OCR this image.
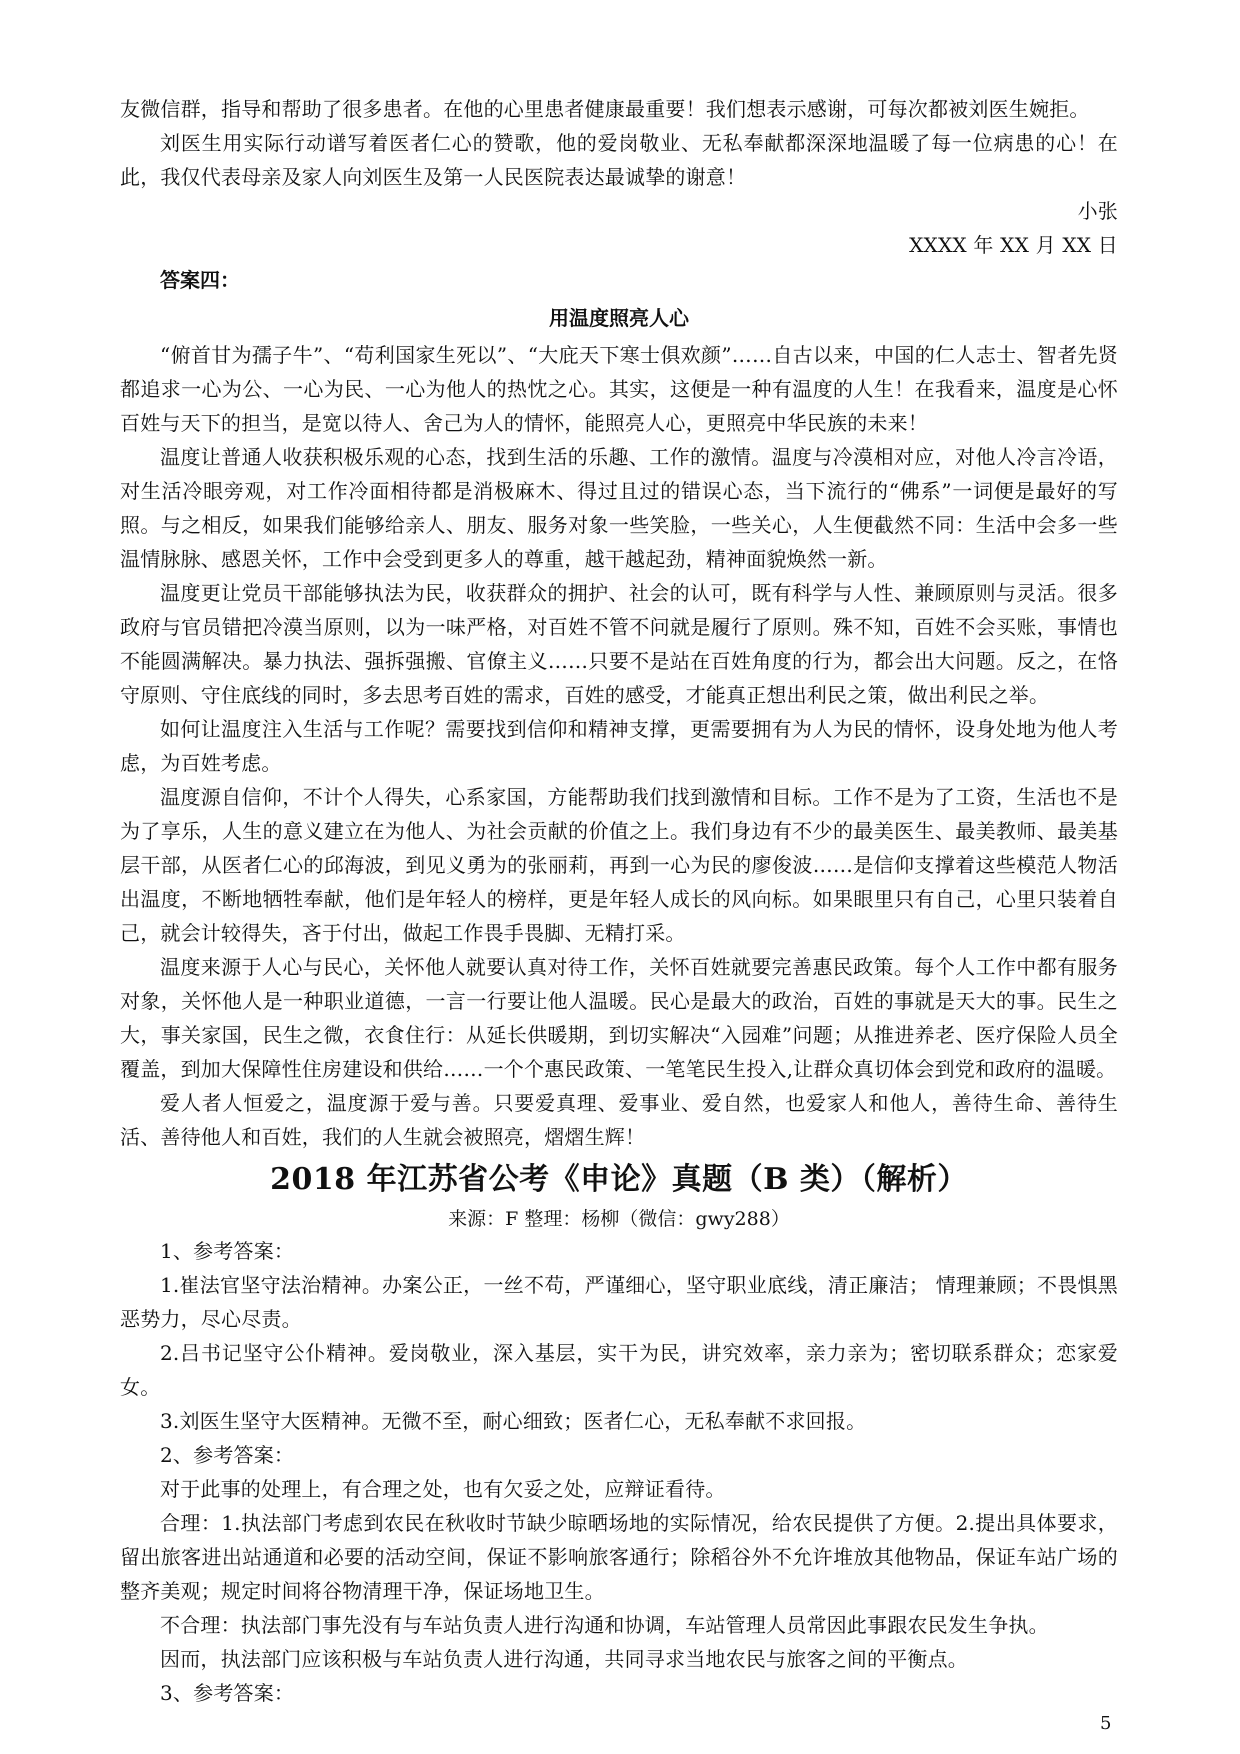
友微信群，指导和帮助了很多患者。在他的心里患者健康最重要！我们想表示感谢，可每次都被刘医生婉拒。

刘医生用实际行动谱写着医者仁心的赞歌，他的爱岗敬业、无私奉献都深深地温暖了每一位病患的心！在此，我仅代表母亲及家人向刘医生及第一人民医院表达最诚挚的谢意！

小张

XXXX 年 XX 月 XX 日

答案四：
用温度照亮人心

“俯首甘为孺子牛”、“苟利国家生死以”、“大庇天下寒士俱欢颜”……自古以来，中国的仁人志士、智者先贤都追求一心为公、一心为民、一心为他人的热忱之心。其实，这便是一种有温度的人生！在我看来，温度是心怀百姓与天下的担当，是宽以待人、舍己为人的情怀，能照亮人心，更照亮中华民族的未来！

温度让普通人收获积极乐观的心态，找到生活的乐趣、工作的激情。温度与冷漠相对应，对他人冷言冷语，对生活冷眼旁观，对工作冷面相待都是消极麻木、得过且过的错误心态，当下流行的“佛系”一词便是最好的写照。与之相反，如果我们能够给亲人、朋友、服务对象一些笑脸，一些关心，人生便截然不同：生活中会多一些温情脉脉、感恩关怀，工作中会受到更多人的尊重，越干越起劲，精神面貌焕然一新。

温度更让党员干部能够执法为民，收获群众的拥护、社会的认可，既有科学与人性、兼顾原则与灵活。很多政府与官员错把冷漠当原则，以为一味严格，对百姓不管不问就是履行了原则。殊不知，百姓不会买账，事情也不能圆满解决。暴力执法、强拆强搬、官僚主义……只要不是站在百姓角度的行为，都会出大问题。反之，在恪守原则、守住底线的同时，多去思考百姓的需求，百姓的感受，才能真正想出利民之策，做出利民之举。

如何让温度注入生活与工作呢？需要找到信仰和精神支撑，更需要拥有为人为民的情怀，设身处地为他人考虑，为百姓考虑。

温度源自信仰，不计个人得失，心系家国，方能帮助我们找到激情和目标。工作不是为了工资，生活也不是为了享乐，人生的意义建立在为他人、为社会贡献的价值之上。我们身边有不少的最美医生、最美教师、最美基层干部，从医者仁心的邱海波，到见义勇为的张丽莉，再到一心为民的廖俊波……是信仰支撑着这些模范人物活出温度，不断地牺牲奉献，他们是年轻人的榜样，更是年轻人成长的风向标。如果眼里只有自己，心里只装着自己，就会计较得失，吝于付出，做起工作畏手畏脚、无精打采。

温度来源于人心与民心，关怀他人就要认真对待工作，关怀百姓就要完善惠民政策。每个人工作中都有服务对象，关怀他人是一种职业道德，一言一行要让他人温暖。民心是最大的政治，百姓的事就是天大的事。民生之大，事关家国，民生之微，衣食住行：从延长供暖期，到切实解决“入园难”问题；从推进养老、医疗保险人员全覆盖，到加大保障性住房建设和供给……一个个惠民政策、一笔笔民生投入,让群众真切体会到党和政府的温暖。

爱人者人恒爱之，温度源于爱与善。只要爱真理、爱事业、爱自然，也爱家人和他人，善待生命、善待生活、善待他人和百姓，我们的人生就会被照亮，熠熠生辉！

2018 年江苏省公考《申论》真题（B 类）（解析）
来源：F 整理：杨柳（微信：gwy288）

1、参考答案：

1.崔法官坚守法治精神。办案公正，一丝不苟，严谨细心，坚守职业底线，清正廉洁； 情理兼顾；不畏惧黑恶势力，尽心尽责。

2.吕书记坚守公仆精神。爱岗敬业，深入基层，实干为民，讲究效率，亲力亲为；密切联系群众；恋家爱女。

3.刘医生坚守大医精神。无微不至，耐心细致；医者仁心，无私奉献不求回报。

2、参考答案：

对于此事的处理上，有合理之处，也有欠妥之处，应辩证看待。

合理：1.执法部门考虑到农民在秋收时节缺少晾晒场地的实际情况，给农民提供了方便。2.提出具体要求，留出旅客进出站通道和必要的活动空间，保证不影响旅客通行；除稻谷外不允许堆放其他物品，保证车站广场的整齐美观；规定时间将谷物清理干净，保证场地卫生。

不合理：执法部门事先没有与车站负责人进行沟通和协调，车站管理人员常因此事跟农民发生争执。

因而，执法部门应该积极与车站负责人进行沟通，共同寻求当地农民与旅客之间的平衡点。

3、参考答案：

5
